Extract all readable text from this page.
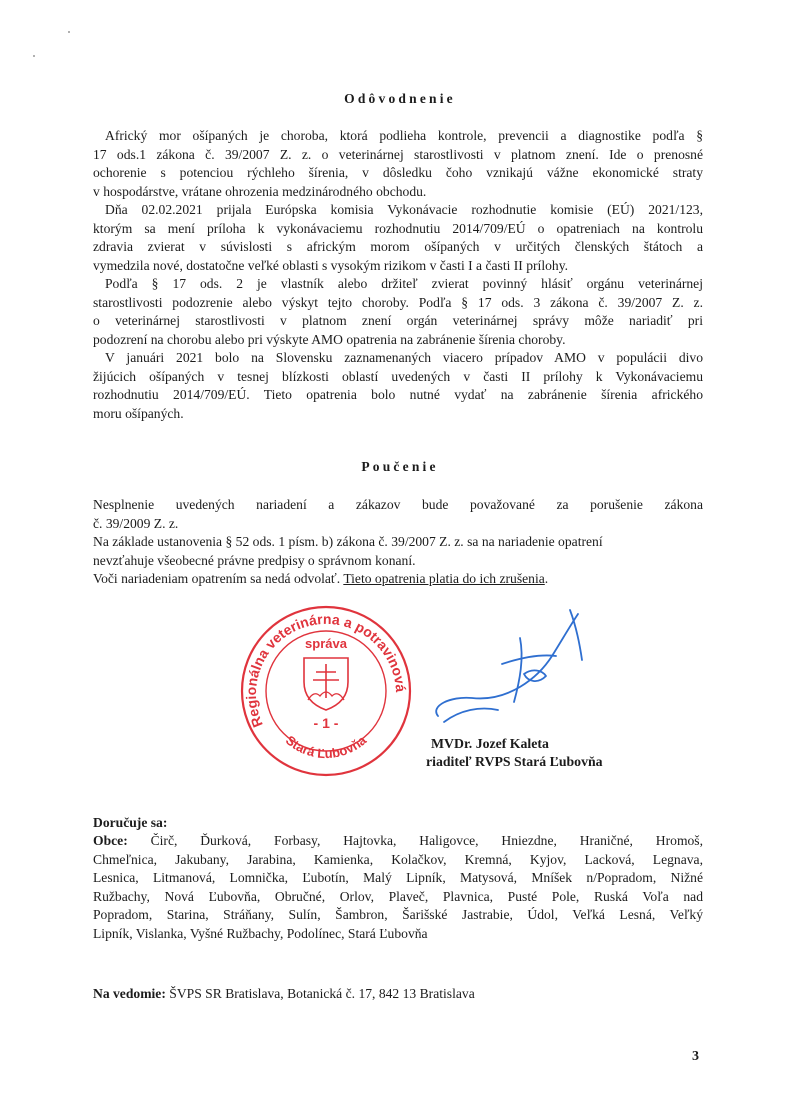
Odôvodnenie
Africký mor ošípaných je choroba, ktorá podlieha kontrole, prevencii a diagnostike podľa §
17 ods.1 zákona č. 39/2007 Z. z. o veterinárnej starostlivosti v platnom znení. Ide o prenosné
ochorenie s potenciou rýchleho šírenia, v dôsledku čoho vznikajú vážne ekonomické straty
v hospodárstve, vrátane ohrozenia medzinárodného obchodu.
Dňa 02.02.2021 prijala Európska komisia Vykonávacie rozhodnutie komisie (EÚ) 2021/123,
ktorým sa mení príloha k vykonávaciemu rozhodnutiu 2014/709/EÚ o opatreniach na kontrolu
zdravia zvierat v súvislosti s africkým morom ošípaných v určitých členských štátoch a
vymedzila nové, dostatočne veľké oblasti s vysokým rizikom v časti I a časti II prílohy.
Podľa § 17 ods. 2 je vlastník alebo držiteľ zvierat povinný hlásiť orgánu veterinárnej
starostlivosti podozrenie alebo výskyt tejto choroby. Podľa § 17 ods. 3 zákona č. 39/2007 Z. z.
o veterinárnej starostlivosti v platnom znení orgán veterinárnej správy môže nariadiť pri
podozrení na chorobu alebo pri výskyte AMO opatrenia na zabránenie šírenia choroby.
V januári 2021 bolo na Slovensku zaznamenaných viacero prípadov AMO v populácii divo
žijúcich ošípaných v tesnej blízkosti oblastí uvedených v časti II prílohy k Vykonávaciemu
rozhodnutiu 2014/709/EÚ. Tieto opatrenia bolo nutné vydať na zabránenie šírenia afrického
moru ošípaných.
Poučenie
Nesplnenie uvedených nariadení a zákazov bude považované za porušenie zákona
č. 39/2009 Z. z.
Na základe ustanovenia § 52 ods. 1 písm. b) zákona č. 39/2007 Z. z. sa na nariadenie opatrení
nevzťahuje všeobecné právne predpisy o správnom konaní.
Voči nariadeniam opatrením sa nedá odvolať. Tieto opatrenia platia do ich zrušenia.
Regionálna veterinárna a potravinová
správa
- 1 -
Stará Ľubovňa	MVDr. Jozef Kaleta
riaditeľ RVPS Stará Ľubovňa
Doručuje sa:
Obce: Čirč, Ďurková, Forbasy, Hajtovka, Haligovce, Hniezdne, Hraničné, Hromoš,
Chmeľnica, Jakubany, Jarabina, Kamienka, Kolačkov, Kremná, Kyjov, Lacková, Legnava,
Lesnica, Litmanová, Lomnička, Ľubotín, Malý Lipník, Matysová, Mníšek n/Popradom, Nižné
Ružbachy, Nová Ľubovňa, Obručné, Orlov, Plaveč, Plavnica, Pusté Pole, Ruská Voľa nad
Popradom, Starina, Stráňany, Sulín, Šambron, Šarišské Jastrabie, Údol, Veľká Lesná, Veľký
Lipník, Vislanka, Vyšné Ružbachy, Podolínec, Stará Ľubovňa
Na vedomie: ŠVPS SR Bratislava, Botanická č. 17, 842 13 Bratislava
3
